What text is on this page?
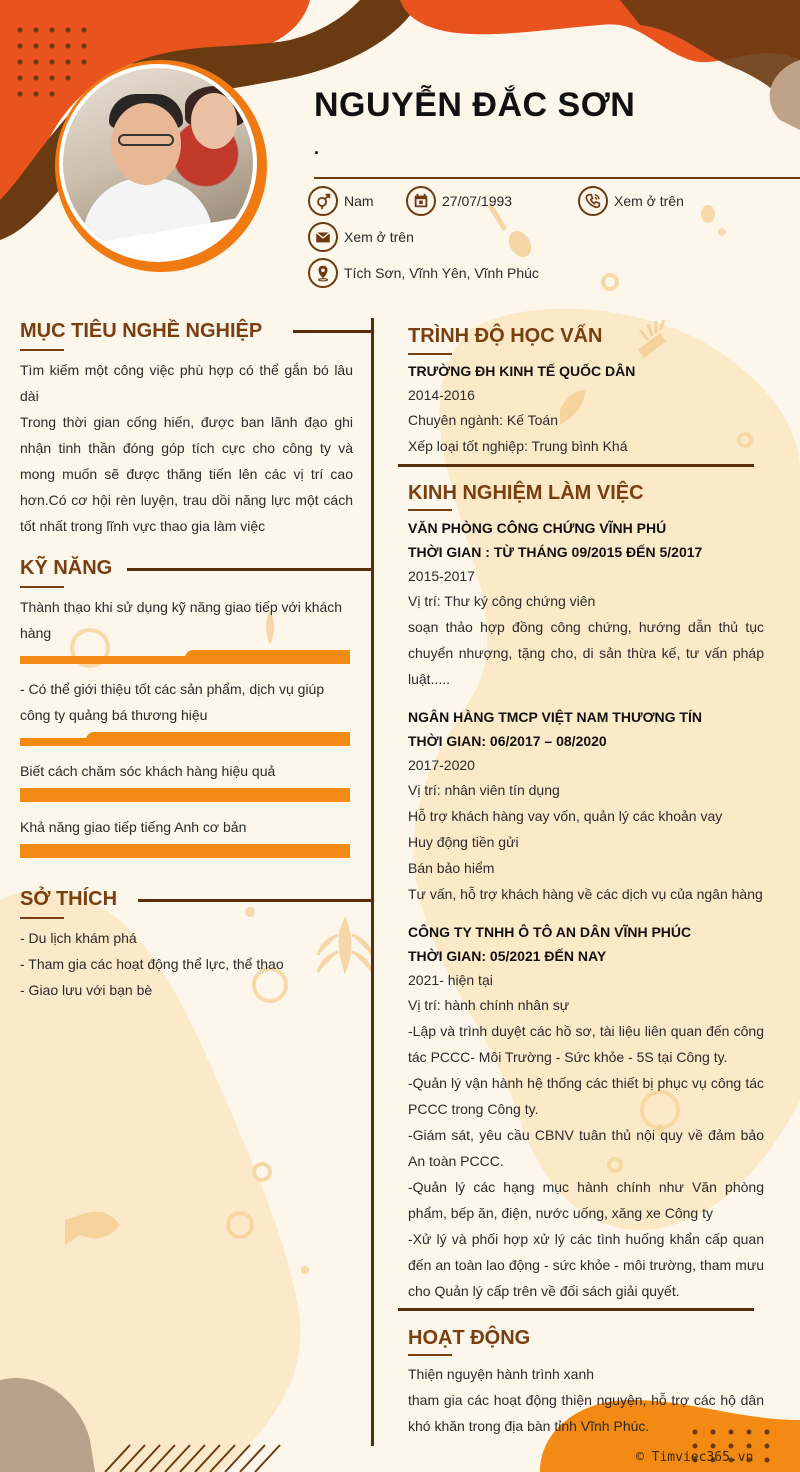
NGUYỄN ĐẮC SƠN
.
Nam	27/07/1993	Xem ở trên
Xem ở trên
Tích Sơn, Vĩnh Yên, Vĩnh Phúc
MỤC TIÊU NGHỀ NGHIỆP
Tìm kiếm một công việc phù hợp có thể gắn bó lâu dài
Trong thời gian cống hiến, được ban lãnh đạo ghi nhận tinh thần đóng góp tích cực cho công ty và mong muốn sẽ được thăng tiến lên các vị trí cao hơn.Có cơ hội rèn luyện, trau dồi năng lực một cách tốt nhất trong lĩnh vực thao gia làm việc
KỸ NĂNG
Thành thạo khi sử dụng kỹ năng giao tiếp với khách hàng
- Có thể giới thiệu tốt các sản phẩm, dịch vụ giúp công ty quảng bá thương hiệu
Biết cách chăm sóc khách hàng hiệu quả
Khả năng giao tiếp tiếng Anh cơ bản
SỞ THÍCH
- Du lịch khám phá
- Tham gia các hoạt động thể lực, thể thao
- Giao lưu với bạn bè
TRÌNH ĐỘ HỌC VẤN
TRƯỜNG ĐH KINH TẾ QUỐC DÂN
2014-2016
Chuyên ngành: Kế Toán
Xếp loại tốt nghiệp: Trung bình Khá
KINH NGHIỆM LÀM VIỆC
VĂN PHÒNG CÔNG CHỨNG VĨNH PHÚ
THỜI GIAN : TỪ THÁNG 09/2015 ĐẾN 5/2017
2015-2017
Vị trí: Thư ký công chứng viên
soạn thảo hợp đồng công chứng, hướng dẫn thủ tục chuyển nhượng, tặng cho, di sản thừa kế, tư vấn pháp luật.....
NGÂN HÀNG TMCP VIỆT NAM THƯƠNG TÍN
THỜI GIAN: 06/2017 – 08/2020
2017-2020
Vị trí: nhân viên tín dụng
Hỗ trợ khách hàng vay vốn, quản lý các khoản vay
Huy động tiền gửi
Bán bảo hiểm
Tư vấn, hỗ trợ khách hàng về các dịch vụ của ngân hàng
CÔNG TY TNHH Ô TÔ AN DÂN VĨNH PHÚC
THỜI GIAN: 05/2021 ĐẾN NAY
2021- hiện tại
Vị trí: hành chính nhân sự
-Lập và trình duyệt các hồ sơ, tài liệu liên quan đến công tác PCCC- Môi Trường - Sức khỏe - 5S tại Công ty.
-Quản lý vận hành hệ thống các thiết bị phục vụ công tác PCCC trong Công ty.
-Giám sát, yêu cầu CBNV tuân thủ nội quy về đảm bảo An toàn PCCC.
-Quản lý các hạng mục hành chính như Văn phòng phẩm, bếp ăn, điện, nước uống, xăng xe Công ty
-Xử lý và phối hợp xử lý các tình huống khẩn cấp quan đến an toàn lao động - sức khỏe - môi trường, tham mưu cho Quản lý cấp trên về đối sách giải quyết.
HOẠT ĐỘNG
Thiện nguyện hành trình xanh
tham gia các hoạt động thiện nguyện, hỗ trợ các hộ dân khó khăn trong địa bàn tỉnh Vĩnh Phúc.
© Timviec365.vn
